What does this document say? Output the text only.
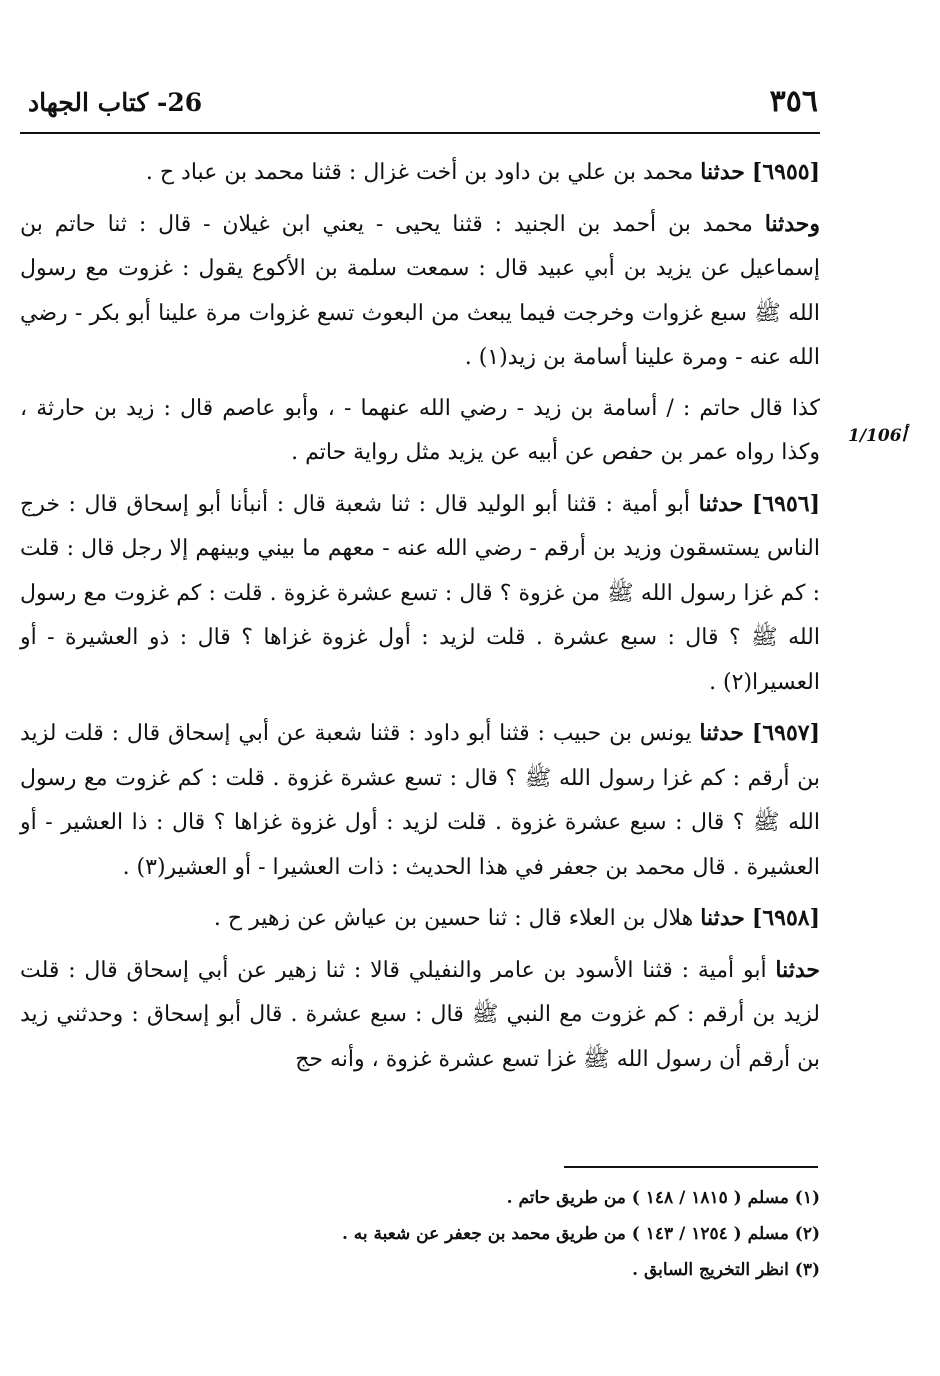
26- كتاب الجهاد	٣٥٦
1/106أ

[٦٩٥٥] حدثنا محمد بن علي بن داود بن أخت غزال : قثنا محمد بن عباد ح .

وحدثنا محمد بن أحمد بن الجنيد : قثنا يحيى - يعني ابن غيلان - قال : ثنا حاتم بن إسماعيل عن يزيد بن أبي عبيد قال : سمعت سلمة بن الأكوع يقول : غزوت مع رسول الله ﷺ سبع غزوات وخرجت فيما يبعث من البعوث تسع غزوات مرة علينا أبو بكر - رضي الله عنه - ومرة علينا أسامة بن زيد(١) .

كذا قال حاتم : / أسامة بن زيد - رضي الله عنهما - ، وأبو عاصم قال : زيد بن حارثة ، وكذا رواه عمر بن حفص عن أبيه عن يزيد مثل رواية حاتم .

[٦٩٥٦] حدثنا أبو أمية : قثنا أبو الوليد قال : ثنا شعبة قال : أنبأنا أبو إسحاق قال : خرج الناس يستسقون وزيد بن أرقم - رضي الله عنه - معهم ما بيني وبينهم إلا رجل قال : قلت : كم غزا رسول الله ﷺ من غزوة ؟ قال : تسع عشرة غزوة . قلت : كم غزوت مع رسول الله ﷺ ؟ قال : سبع عشرة . قلت لزيد : أول غزوة غزاها ؟ قال : ذو العشيرة - أو العسيرا(٢) .

[٦٩٥٧] حدثنا يونس بن حبيب : قثنا أبو داود : قثنا شعبة عن أبي إسحاق قال : قلت لزيد بن أرقم : كم غزا رسول الله ﷺ ؟ قال : تسع عشرة غزوة . قلت : كم غزوت مع رسول الله ﷺ ؟ قال : سبع عشرة غزوة . قلت لزيد : أول غزوة غزاها ؟ قال : ذا العشير - أو العشيرة . قال محمد بن جعفر في هذا الحديث : ذات العشيرا - أو العشير(٣) .

[٦٩٥٨] حدثنا هلال بن العلاء قال : ثنا حسين بن عياش عن زهير ح .

حدثنا أبو أمية : قثنا الأسود بن عامر والنفيلي قالا : ثنا زهير عن أبي إسحاق قال : قلت لزيد بن أرقم : كم غزوت مع النبي ﷺ قال : سبع عشرة . قال أبو إسحاق : وحدثني زيد بن أرقم أن رسول الله ﷺ غزا تسع عشرة غزوة ، وأنه حج

(١) مسلم ( ١٨١٥ / ١٤٨ ) من طريق حاتم .

(٢) مسلم ( ١٢٥٤ / ١٤٣ ) من طريق محمد بن جعفر عن شعبة به .

(٣) انظر التخريج السابق .
